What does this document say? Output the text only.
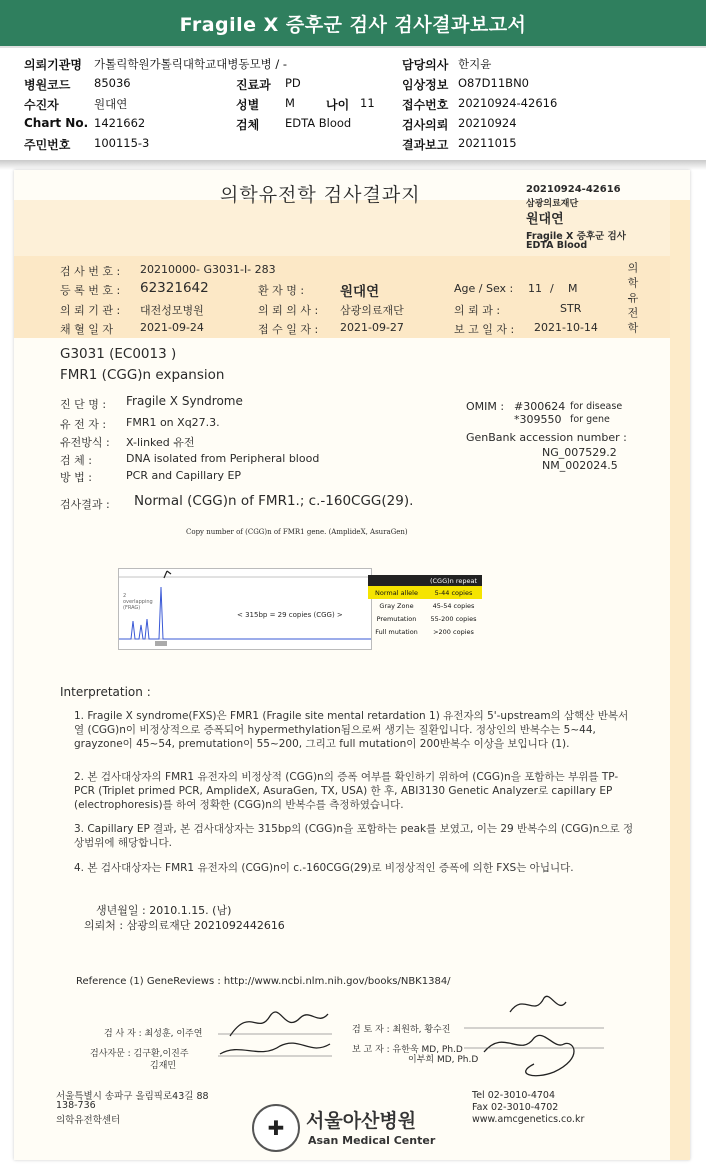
Fragile X 증후군 검사 검사결과보고서
의뢰기관명 가톨릭학원가톨릭대학교대병동모병 / -
병원코드 85036
수진자	원대연
Chart No. 1421662
주민번호 100115-3
진료과 PD
성별 M	나이 11
검체 EDTA Blood
담당의사 한지윤
임상정보 O87D11BN0
접수번호 20210924-42616
검사의뢰 20210924
결과보고 20211015
의학유전학 검사결과지	20210924-42616
삼광의료재단
원대연
Fragile X 증후군 검사
EDTA Blood
의학유전학
검 사 번 호 : 20210000- G3031-I- 283
등 록 번 호 : 62321642	환 자 명 :	원대연	Age / Sex : 11 / M
의 뢰 기 관 : 대전성모병원	의 뢰 의 사 : 삼광의료재단	의 뢰 과 :	STR
채 혈 일 자 2021-09-24	접 수 일 자 : 2021-09-27	보 고 일 자 : 2021-10-14
G3031 (EC0013 )
FMR1 (CGG)n expansion
진 단 명 : Fragile X Syndrome
유 전 자 : FMR1 on Xq27.3.
유전방식 : X-linked 유전
검 체 :	DNA isolated from Peripheral blood
방 법 :	PCR and Capillary EP
OMIM : #300624 for disease
*309550 for gene
GenBank accession number :
NG_007529.2
NM_002024.5
검사결과 : Normal (CGG)n of FMR1.; c.-160CGG(29).
Copy number of (CGG)n of FMR1 gene. (AmplideX, AsuraGen)
2 overlapping (FRAG)
< 315bp = 29 copies (CGG) >
(CGG)n repeat
Normal allele	5-44 copies
Gray Zone	45-54 copies
Premutation	55-200 copies
Full mutation	>200 copies
Interpretation :
1. Fragile X syndrome(FXS)은 FMR1 (Fragile site mental retardation 1) 유전자의 5'-upstream의 삼핵산 반복서열 (CGG)n이 비정상적으로 증폭되어 hypermethylation됨으로써 생기는 질환입니다. 정상인의 반복수는 5~44, grayzone이 45~54, premutation이 55~200, 그리고 full mutation이 200반복수 이상을 보입니다 (1).
2. 본 검사대상자의 FMR1 유전자의 비정상적 (CGG)n의 증폭 여부를 확인하기 위하여 (CGG)n을 포함하는 부위를 TP-PCR (Triplet primed PCR, AmplideX, AsuraGen, TX, USA) 한 후, ABI3130 Genetic Analyzer로 capillary EP (electrophoresis)를 하여 정확한 (CGG)n의 반복수를 측정하였습니다.
3. Capillary EP 결과, 본 검사대상자는 315bp의 (CGG)n을 포함하는 peak를 보였고, 이는 29 반복수의 (CGG)n으로 정상범위에 해당합니다.
4. 본 검사대상자는 FMR1 유전자의 (CGG)n이 c.-160CGG(29)로 비정상적인 증폭에 의한 FXS는 아닙니다.
생년월일 : 2010.1.15. (남)
의뢰처 : 삼광의료재단 2021092442616
Reference (1) GeneReviews : http://www.ncbi.nlm.nih.gov/books/NBK1384/
검 사 자 : 최성훈, 이주연
검사자문 : 김구환,이진주
김재민
검 토 자 : 최원하, 황수진
보 고 자 : 유한욱 MD, Ph.D
이부희 MD, Ph.D
서울특별시 송파구 올림픽로43길 88
138-736
의학유전학센터	✚ 서울아산병원
Asan Medical Center
Tel 02-3010-4704
Fax 02-3010-4702
www.amcgenetics.co.kr
